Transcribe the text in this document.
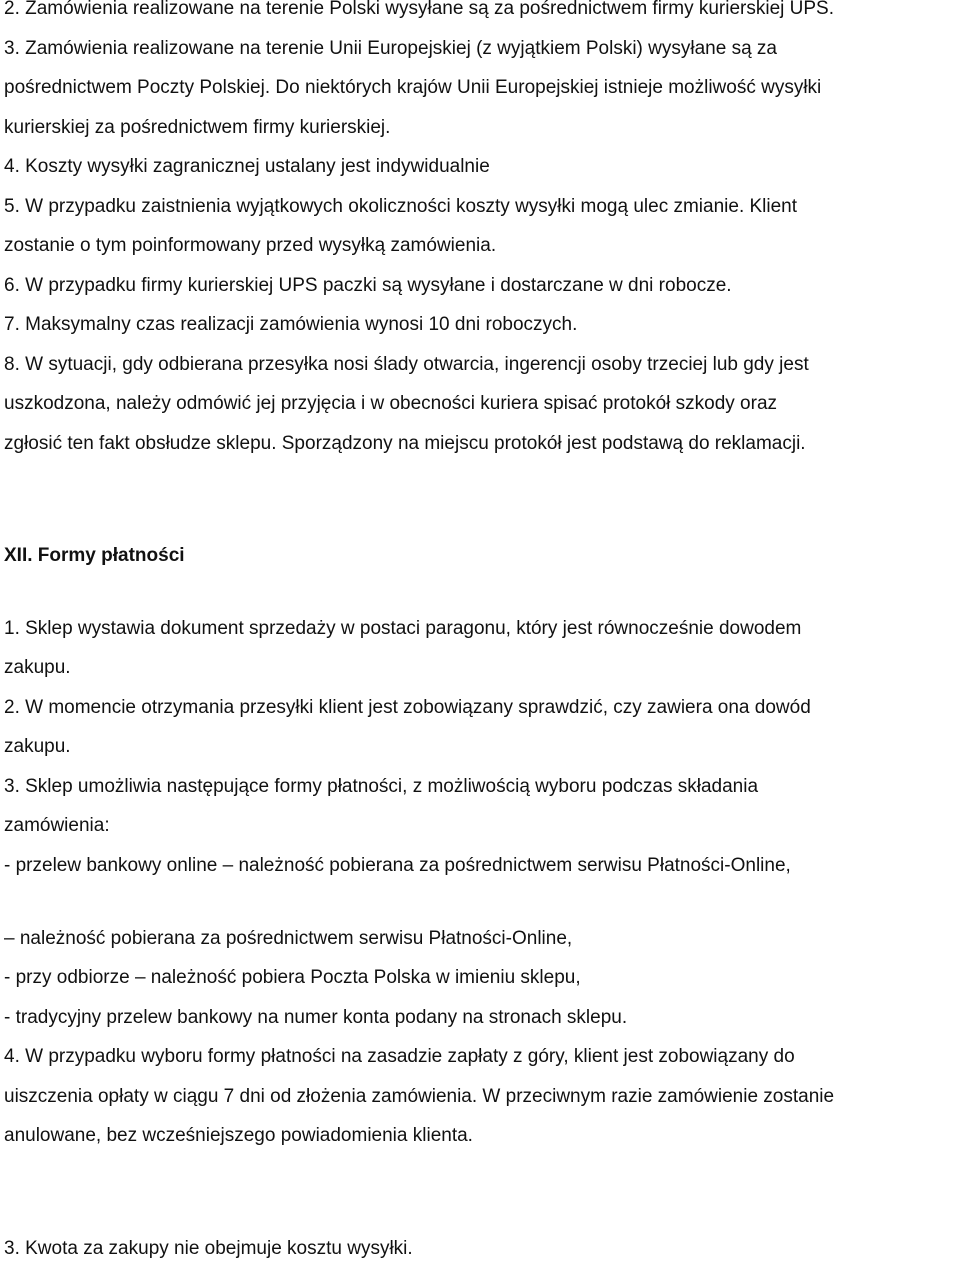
2. Zamówienia realizowane na terenie Polski wysyłane są za pośrednictwem firmy kurierskiej UPS.
3. Zamówienia realizowane na terenie Unii Europejskiej (z wyjątkiem Polski) wysyłane są za
pośrednictwem Poczty Polskiej. Do niektórych krajów Unii Europejskiej istnieje możliwość wysyłki
kurierskiej za pośrednictwem firmy kurierskiej.
4. Koszty wysyłki zagranicznej ustalany jest indywidualnie
5. W przypadku zaistnienia wyjątkowych okoliczności koszty wysyłki mogą ulec zmianie. Klient
zostanie o tym poinformowany przed wysyłką zamówienia.
6. W przypadku firmy kurierskiej UPS paczki są wysyłane i dostarczane w dni robocze.
7. Maksymalny czas realizacji zamówienia wynosi 10 dni roboczych.
8. W sytuacji, gdy odbierana przesyłka nosi ślady otwarcia, ingerencji osoby trzeciej lub gdy jest
uszkodzona, należy odmówić jej przyjęcia i w obecności kuriera spisać protokół szkody oraz
zgłosić ten fakt obsłudze sklepu. Sporządzony na miejscu protokół jest podstawą do reklamacji.
XII. Formy płatności
1. Sklep wystawia dokument sprzedaży w postaci paragonu, który jest równocześnie dowodem
zakupu.
2. W momencie otrzymania przesyłki klient jest zobowiązany sprawdzić, czy zawiera ona dowód
zakupu.
3. Sklep umożliwia następujące formy płatności, z możliwością wyboru podczas składania
zamówienia:
- przelew bankowy online – należność pobierana za pośrednictwem serwisu Płatności-Online,
– należność pobierana za pośrednictwem serwisu Płatności-Online,
- przy odbiorze – należność pobiera Poczta Polska w imieniu sklepu,
- tradycyjny przelew bankowy na numer konta podany na stronach sklepu.
4. W przypadku wyboru formy płatności na zasadzie zapłaty z góry, klient jest zobowiązany do
uiszczenia opłaty w ciągu 7 dni od złożenia zamówienia. W przeciwnym razie zamówienie zostanie
anulowane, bez wcześniejszego powiadomienia klienta.
3. Kwota za zakupy nie obejmuje kosztu wysyłki.
